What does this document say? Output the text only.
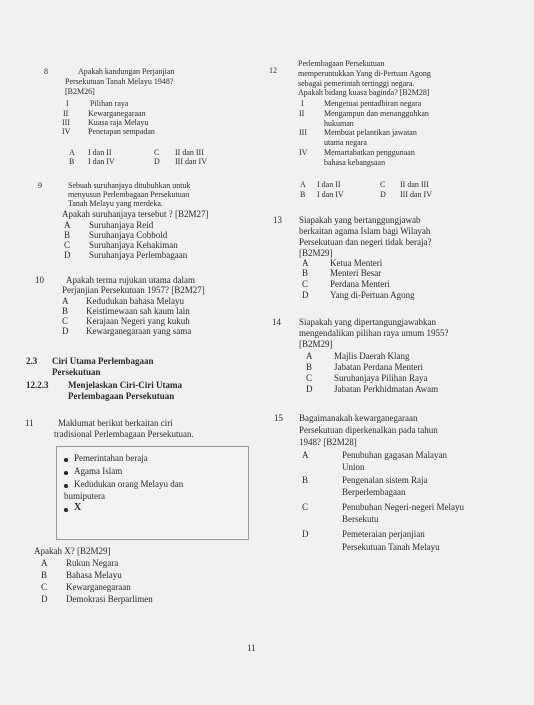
8	Apakah kandungan Perjanjian
Persekutuan Tanah Melayu 1948?
[B2M26]
I	Pilihan raya
II Kewarganegaraan
III Kuasa raja Melayu
IV Penetapan sempadan
A I dan II
B I dan IV
C II dan III
D III dan IV
9	Sebuah suruhanjaya ditubuhkan untuk
menyusun Perlembagaan Persekutuan
Tanah Melayu yang merdeka.
Apakah suruhanjaya tersebut ? [B2M27]
A Suruhanjaya Reid
B Suruhanjaya Cobbold
C Suruhanjaya Kehakiman
D Suruhanjaya Perlembagaan
10 Apakah terma rujukan utama dalam
Perjanjian Persekutuan 1957? [B2M27]
A Kedudukan bahasa Melayu
B Keistimewaan sah kaum lain
C Kerajaan Negeri yang kukuh
D Kewarganegaraan yang sama
2.3 Ciri Utama Perlembagaan
Persekutuan
12.2.3 Menjelaskan Ciri-Ciri Utama
Perlembagaan Persekutuan
11	Maklumat berikut berkaitan ciri
tradisional Perlembagaan Persekutuan.
Pemerintahan beraja
Agama Islam
Kedudukan orang Melayu dan
bumiputera
X
Apakah X? [B2M29]
A Rukun Negara
B Bahasa Melayu
C Kewarganegaraan
D Demokrasi Berparlimen
12
Perlembagaan Persekutuan
memperuntukkan Yang di-Pertuan Agong
sebagai pemerintah tertinggi negara.
Apakah bidang kuasa baginda? [B2M28]
I	Mengetuai pentadbiran negara
II Mengampun dan menangguhkan
hukuman
III Membuat pelantikan jawatan
utama negara
IV Memartabatkan penggunaan
bahasa kebangsaan
A I dan II
B I dan IV
C II dan III
D III dan IV
13 Siapakah yang bertanggungjawab
berkaitan agama Islam bagi Wilayah
Persekutuan dan negeri tidak beraja?
[B2M29]
A Ketua Menteri
B Menteri Besar
C Perdana Menteri
D Yang di-Pertuan Agong
14 Siapakah yang dipertangungjawabkan
mengendalikan pilihan raya umum 1955?
[B2M29]
A Majlis Daerah Klang
B Jabatan Perdana Menteri
C Suruhanjaya Pilihan Raya
D Jabatan Perkhidmatan Awam
15 Bagaimanakah kewarganegaraan
Persekutuan diperkenalkan pada tahun
1948? [B2M28]
A	Penubuhan gagasan Malayan
Union
B	Pengenalan sistem Raja
Berperlembagaan
C	Penubuhan Negeri-negeri Melayu
Bersekutu
D	Pemeteraian perjanjian
Persekutuan Tanah Melayu
11
